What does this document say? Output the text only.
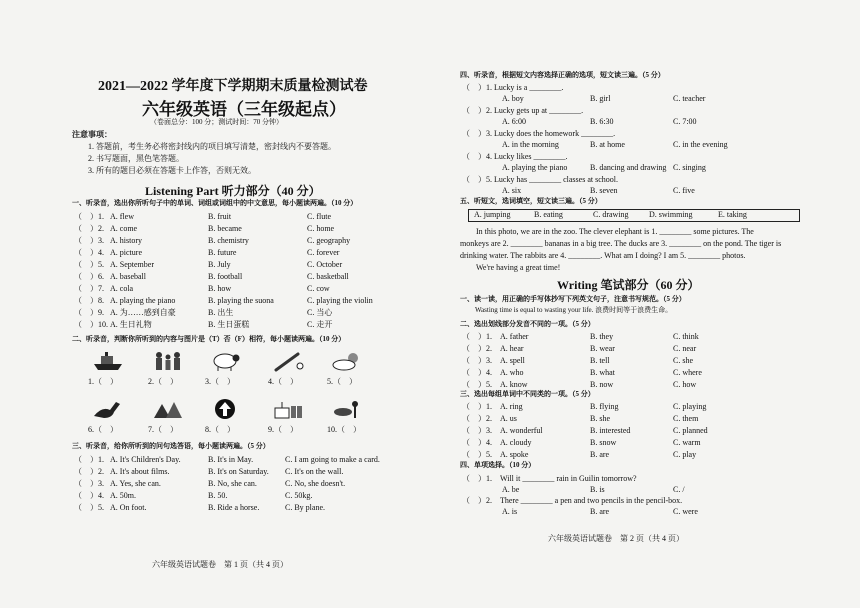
2021—2022 学年度下学期期末质量检测试卷
六年级英语（三年级起点）
（卷面总分：100 分；测试时间：70 分钟）
注意事项：
1. 答题前，考生务必将密封线内的项目填写清楚，密封线内不要答题。
2. 书写题面，黑色笔答题。
3. 所有的题目必须在答题卡上作答，否则无效。
Listening Part 听力部分（40 分）
一、听录音，选出你所听句子中的单词、词组或词组中的中文意思，每小题读两遍。（10 分）
（　）1. A. flew	B. fruit	C. flute
（　）2. A. come	B. became	C. home
（　）3. A. history	B. chemistry	C. geography
（　）4. A. picture	B. future	C. forever
（　）5. A. September	B. July	C. October
（　）6. A. baseball	B. football	C. basketball
（　）7. A. cola	B. how	C. cow
（　）8. A. playing the piano	B. playing the suona	C. playing the violin
（　）9. A. 为……感到自豪	B. 出生	C. 当心
（　）10. A. 生日礼物	B. 生日蛋糕	C. 走开
二、听录音，判断你所听到的内容与图片是（T）否（F）相符，每小题读两遍。（10 分）
1.（　）	2.（　）	3.（　）	4.（　）	5.（　）
6.（　）	7.（　）	8.（　）	9.（　）	10.（　）
三、听录音，给你所听到的问句选答语，每小题读两遍。（5 分）
（　）1. A. It's Children's Day.	B. It's in May.	C. I am going to make a card.
（　）2. A. It's about films.	B. It's on Saturday. C. It's on the wall.
（　）3. A. Yes, she can.	B. No, she can.	C. No, she doesn't.
（　）4. A. 50m.	B. 50.	C. 50kg.
（　）5. A. On foot.	B. Ride a horse.	C. By plane.
六年级英语试题卷　第 1 页（共 4 页）
四、听录音，根据短文内容选择正确的选项，短文读三遍。（5 分）
（　）1. Lucky is a ________.
A. boy	B. girl	C. teacher
（　）2. Lucky gets up at ________.
A. 6:00	B. 6:30	C. 7:00
（　）3. Lucky does the homework ________.
A. in the morning	B. at home	C. in the evening
（　）4. Lucky likes ________.
A. playing the piano	B. dancing and drawing C. singing
（　）5. Lucky has ________ classes at school.
A. six	B. seven	C. five
五、听短文，选词填空，短文读三遍。（5 分）
A. jumping	B. eating	C. drawing	D. swimming	E. taking
In this photo, we are in the zoo. The clever elephant is 1. ________ some pictures. The
monkeys are 2. ________ bananas in a big tree. The ducks are 3. ________ on the pond. The tiger is
drinking water. The rabbits are 4. ________. What am I doing? I am 5. ________ photos.
We're having a great time!
Writing 笔试部分（60 分）
一、读一读，用正确的手写体抄写下列英文句子，注意书写规范。（5 分）
Wasting time is equal to wasting your life. 浪费时间等于浪费生命。
二、选出划线部分发音不同的一项。（5 分）
（　）1. A. father	B. they	C. think
（　）2. A. hear	B. wear	C. near
（　）3. A. spell	B. tell	C. she
（　）4. A. who	B. what	C. where
（　）5. A. know	B. now	C. how
三、选出每组单词中不同类的一项。（5 分）
（　）1. A. ring	B. flying	C. playing
（　）2. A. us	B. she	C. them
（　）3. A. wonderful	B. interested	C. planned
（　）4. A. cloudy	B. snow	C. warm
（　）5. A. spoke	B. are	C. play
四、单项选择。（10 分）
（　）1.　Will it ________ rain in Guilin tomorrow?
A. be	B. is	C. /
（　）2.　There ________ a pen and two pencils in the pencil-box.
A. is	B. are	C. were
六年级英语试题卷　第 2 页（共 4 页）
